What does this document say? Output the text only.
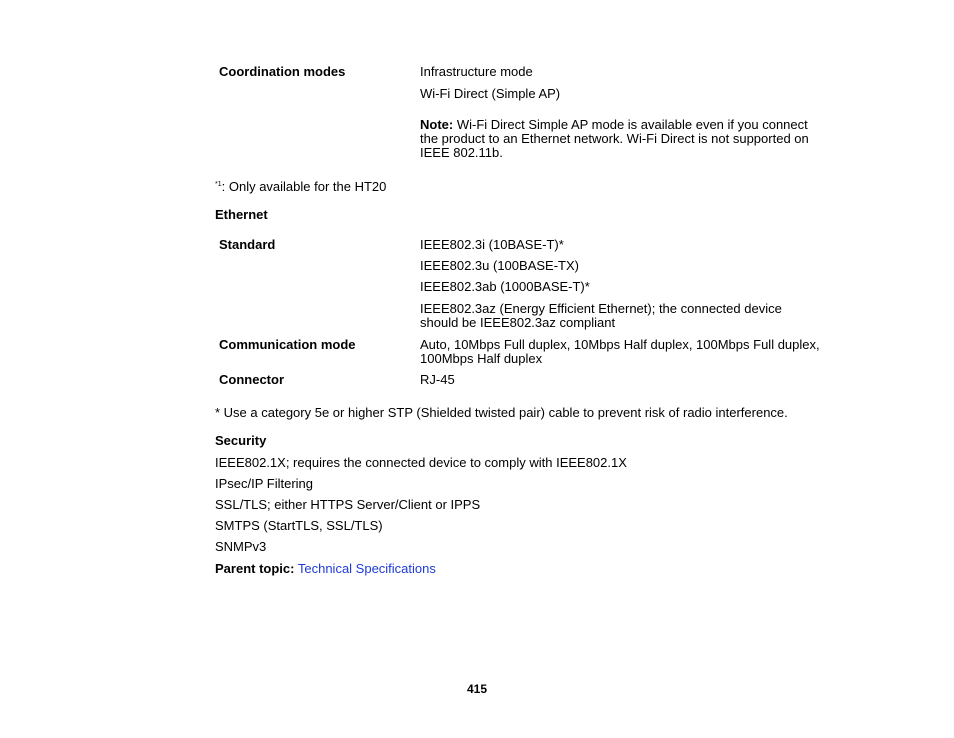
Coordination modes	Infrastructure mode
Wi-Fi Direct (Simple AP)
Note: Wi-Fi Direct Simple AP mode is available even if you connect the product to an Ethernet network. Wi-Fi Direct is not supported on IEEE 802.11b.
$^{*1}$: Only available for the HT20
Ethernet
Standard	IEEE802.3i (10BASE-T)*
IEEE802.3u (100BASE-TX)
IEEE802.3ab (1000BASE-T)*
IEEE802.3az (Energy Efficient Ethernet); the connected device should be IEEE802.3az compliant
Communication mode	Auto, 10Mbps Full duplex, 10Mbps Half duplex, 100Mbps Full duplex, 100Mbps Half duplex
Connector	RJ-45
* Use a category 5e or higher STP (Shielded twisted pair) cable to prevent risk of radio interference.
Security
IEEE802.1X; requires the connected device to comply with IEEE802.1X
IPsec/IP Filtering
SSL/TLS; either HTTPS Server/Client or IPPS
SMTPS (StartTLS, SSL/TLS)
SNMPv3
Parent topic: Technical Specifications
415
